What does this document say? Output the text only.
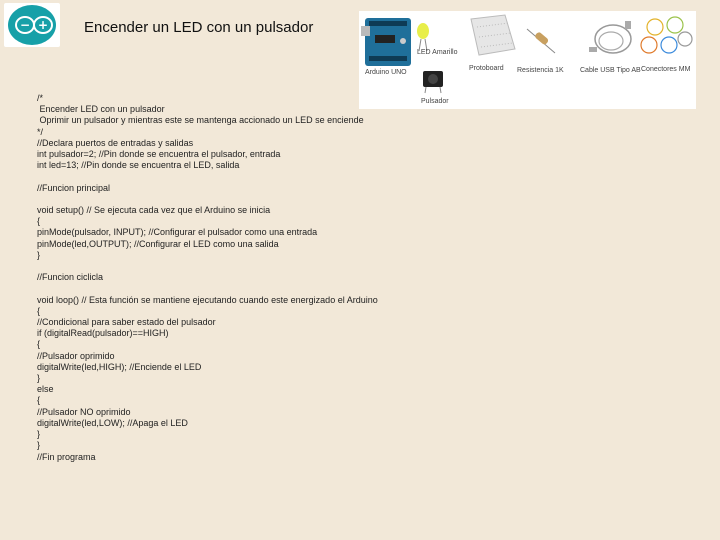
− +	Encender un LED con un pulsador
LED Amarillo
Arduino UNO
Protoboard Resistencia 1K Cable USB Tipo AB Conectores MM
Pulsador
/*
Encender LED con un pulsador
Oprimir un pulsador y mientras este se mantenga accionado un LED se enciende
*/
//Declara puertos de entradas y salidas
int pulsador=2; //Pin donde se encuentra el pulsador, entrada
int led=13; //Pin donde se encuentra el LED, salida

//Funcion principal

void setup() // Se ejecuta cada vez que el Arduino se inicia
{
pinMode(pulsador, INPUT); //Configurar el pulsador como una entrada
pinMode(led,OUTPUT); //Configurar el LED como una salida
}

//Funcion ciclicla

void loop() // Esta función se mantiene ejecutando cuando este energizado el Arduino
{
//Condicional para saber estado del pulsador
if (digitalRead(pulsador)==HIGH)
{
//Pulsador oprimido
digitalWrite(led,HIGH); //Enciende el LED
}
else
{
//Pulsador NO oprimido
digitalWrite(led,LOW); //Apaga el LED
}
}
//Fin programa
